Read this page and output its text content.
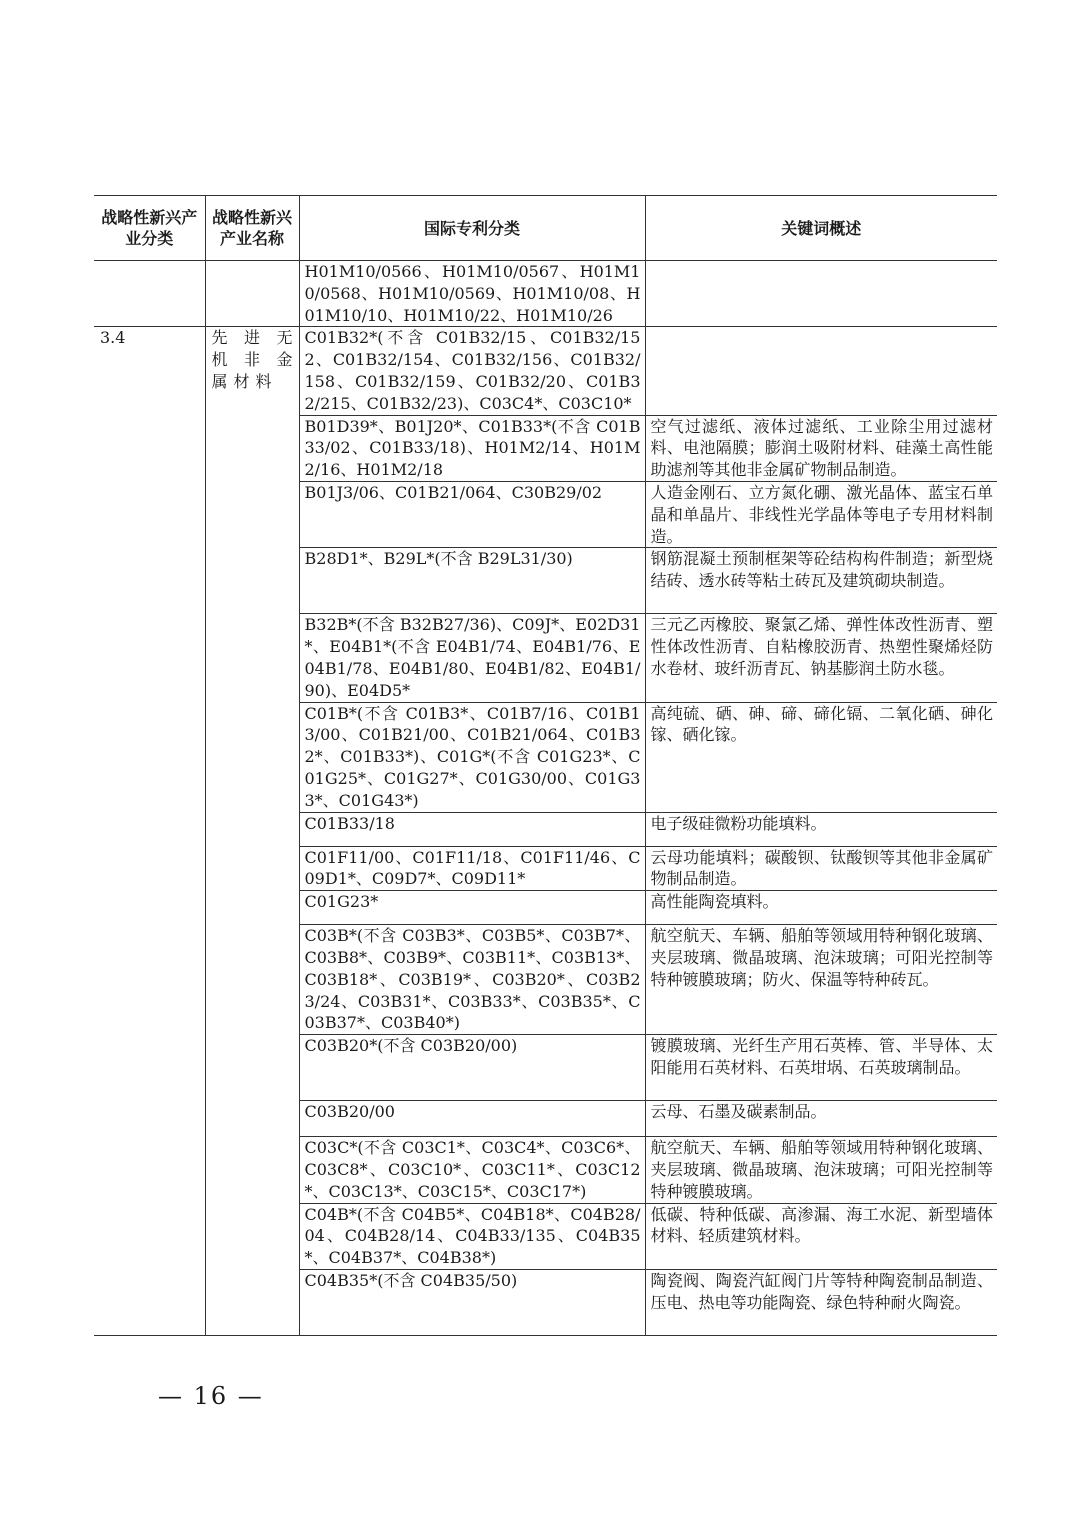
战略性新兴产业分类	战略性新兴产业名称	国际专利分类	关键词概述
		H01M10/0566、H01M10/0567、H01M10/0568、H01M10/0569、H01M10/08、H01M10/10、H01M10/22、H01M10/26	
3.4	先进无机非金属材料	C01B32*(不含 C01B32/15、C01B32/152、C01B32/154、C01B32/156、C01B32/158、C01B32/159、C01B32/20、C01B32/215、C01B32/23)、C03C4*、C03C10*	
		B01D39*、B01J20*、C01B33*(不含 C01B33/02、C01B33/18)、H01M2/14、H01M2/16、H01M2/18	空气过滤纸、液体过滤纸、工业除尘用过滤材料、电池隔膜；膨润土吸附材料、硅藻土高性能助滤剂等其他非金属矿物制品制造。
		B01J3/06、C01B21/064、C30B29/02	人造金刚石、立方氮化硼、激光晶体、蓝宝石单晶和单晶片、非线性光学晶体等电子专用材料制造。
		B28D1*、B29L*(不含 B29L31/30)	钢筋混凝土预制框架等砼结构构件制造；新型烧结砖、透水砖等粘土砖瓦及建筑砌块制造。
		B32B*(不含 B32B27/36)、C09J*、E02D31*、E04B1*(不含 E04B1/74、E04B1/76、E04B1/78、E04B1/80、E04B1/82、E04B1/90)、E04D5*	三元乙丙橡胶、聚氯乙烯、弹性体改性沥青、塑性体改性沥青、自粘橡胶沥青、热塑性聚烯烃防水卷材、玻纤沥青瓦、钠基膨润土防水毯。
		C01B*(不含 C01B3*、C01B7/16、C01B13/00、C01B21/00、C01B21/064、C01B32*、C01B33*)、C01G*(不含 C01G23*、C01G25*、C01G27*、C01G30/00、C01G33*、C01G43*)	高纯硫、硒、砷、碲、碲化镉、二氧化硒、砷化镓、硒化镓。
		C01B33/18	电子级硅微粉功能填料。
		C01F11/00、C01F11/18、C01F11/46、C09D1*、C09D7*、C09D11*	云母功能填料；碳酸钡、钛酸钡等其他非金属矿物制品制造。
		C01G23*	高性能陶瓷填料。
		C03B*(不含 C03B3*、C03B5*、C03B7*、C03B8*、C03B9*、C03B11*、C03B13*、C03B18*、C03B19*、C03B20*、C03B23/24、C03B31*、C03B33*、C03B35*、C03B37*、C03B40*)	航空航天、车辆、船舶等领域用特种钢化玻璃、夹层玻璃、微晶玻璃、泡沫玻璃；可阳光控制等特种镀膜玻璃；防火、保温等特种砖瓦。
		C03B20*(不含 C03B20/00)	镀膜玻璃、光纤生产用石英棒、管、半导体、太阳能用石英材料、石英坩埚、石英玻璃制品。
		C03B20/00	云母、石墨及碳素制品。
		C03C*(不含 C03C1*、C03C4*、C03C6*、C03C8*、C03C10*、C03C11*、C03C12*、C03C13*、C03C15*、C03C17*)	航空航天、车辆、船舶等领域用特种钢化玻璃、夹层玻璃、微晶玻璃、泡沫玻璃；可阳光控制等特种镀膜玻璃。
		C04B*(不含 C04B5*、C04B18*、C04B28/04、C04B28/14、C04B33/135、C04B35*、C04B37*、C04B38*)	低碳、特种低碳、高渗漏、海工水泥、新型墙体材料、轻质建筑材料。
		C04B35*(不含 C04B35/50)	陶瓷阀、陶瓷汽缸阀门片等特种陶瓷制品制造、压电、热电等功能陶瓷、绿色特种耐火陶瓷。
— 16 —
